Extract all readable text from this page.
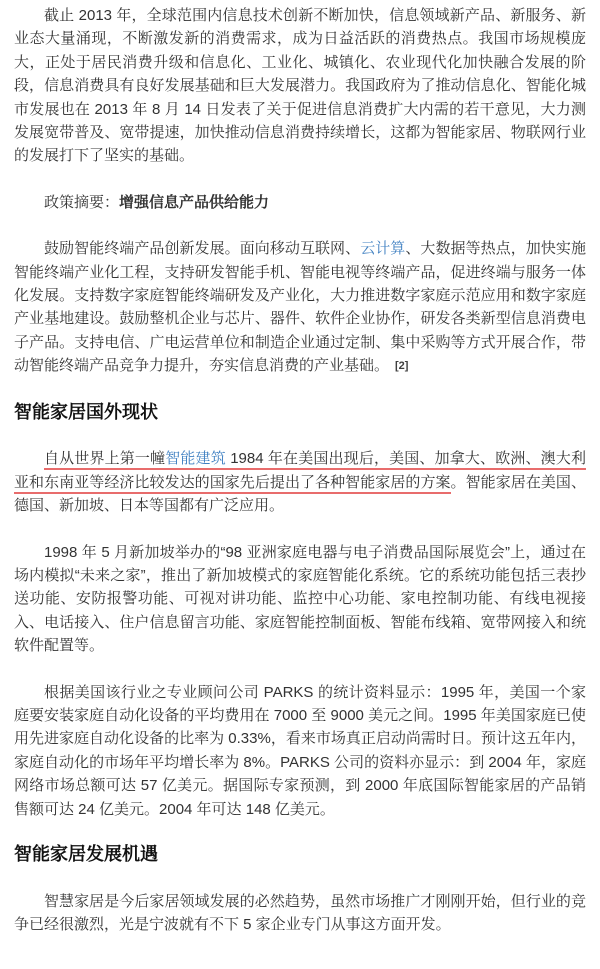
截止 2013 年，全球范围内信息技术创新不断加快，信息领域新产品、新服务、新业态大量涌现，不断激发新的消费需求，成为日益活跃的消费热点。我国市场规模庞大，正处于居民消费升级和信息化、工业化、城镇化、农业现代化加快融合发展的阶段，信息消费具有良好发展基础和巨大发展潜力。我国政府为了推动信息化、智能化城市发展也在 2013 年 8 月 14 日发表了关于促进信息消费扩大内需的若干意见，大力测发展宽带普及、宽带提速，加快推动信息消费持续增长，这都为智能家居、物联网行业的发展打下了坚实的基础。

政策摘要：增强信息产品供给能力

鼓励智能终端产品创新发展。面向移动互联网、云计算、大数据等热点，加快实施智能终端产业化工程，支持研发智能手机、智能电视等终端产品，促进终端与服务一体化发展。支持数字家庭智能终端研发及产业化，大力推进数字家庭示范应用和数字家庭产业基地建设。鼓励整机企业与芯片、器件、软件企业协作，研发各类新型信息消费电子产品。支持电信、广电运营单位和制造企业通过定制、集中采购等方式开展合作，带动智能终端产品竞争力提升，夯实信息消费的产业基础。 [2]

智能家居国外现状

自从世界上第一幢智能建筑 1984 年在美国出现后，美国、加拿大、欧洲、澳大利亚和东南亚等经济比较发达的国家先后提出了各种智能家居的方案。智能家居在美国、德国、新加坡、日本等国都有广泛应用。

1998 年 5 月新加坡举办的“98 亚洲家庭电器与电子消费品国际展览会”上，通过在场内模拟“未来之家”，推出了新加坡模式的家庭智能化系统。它的系统功能包括三表抄送功能、安防报警功能、可视对讲功能、监控中心功能、家电控制功能、有线电视接入、电话接入、住户信息留言功能、家庭智能控制面板、智能布线箱、宽带网接入和统软件配置等。

根据美国该行业之专业顾问公司 PARKS 的统计资料显示：1995 年，美国一个家庭要安装家庭自动化设备的平均费用在 7000 至 9000 美元之间。1995 年美国家庭已使用先进家庭自动化设备的比率为 0.33%，看来市场真正启动尚需时日。预计这五年内，家庭自动化的市场年平均增长率为 8%。PARKS 公司的资料亦显示：到 2004 年，家庭网络市场总额可达 57 亿美元。据国际专家预测，到 2000 年底国际智能家居的产品销售额可达 24 亿美元。2004 年可达 148 亿美元。

智能家居发展机遇

智慧家居是今后家居领域发展的必然趋势，虽然市场推广才刚刚开始，但行业的竞争已经很激烈，光是宁波就有不下 5 家企业专门从事这方面开发。
